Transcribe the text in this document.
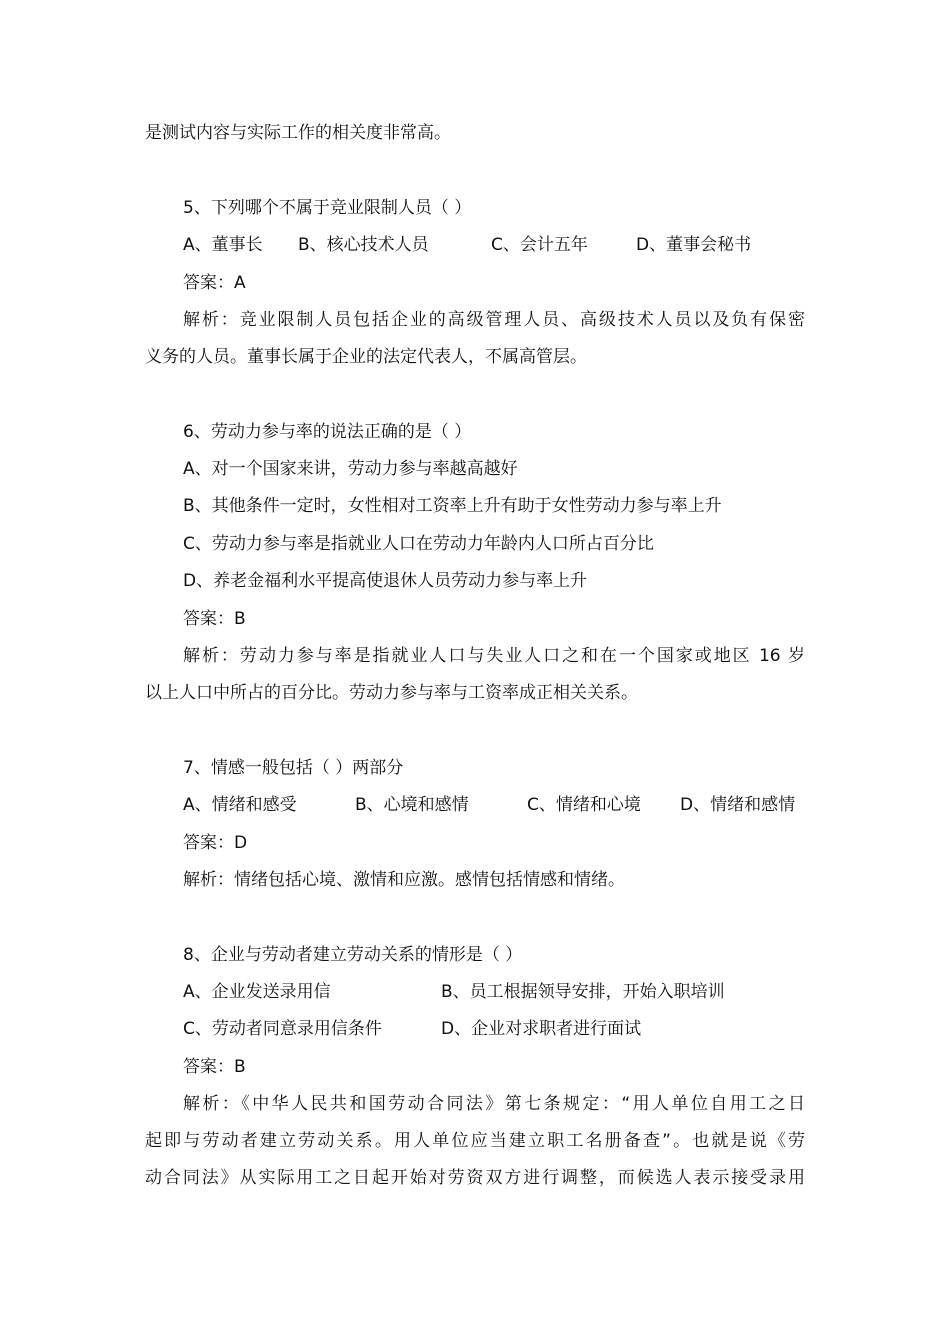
是测试内容与实际工作的相关度非常高。
5、下列哪个不属于竞业限制人员（ ）
A、董事长 B、核心技术人员	C、会计五年	D、董事会秘书
答案：A
解析：竞业限制人员包括企业的高级管理人员、高级技术人员以及负有保密
义务的人员。董事长属于企业的法定代表人，不属高管层。
6、劳动力参与率的说法正确的是（ ）
A、对一个国家来讲，劳动力参与率越高越好
B、其他条件一定时，女性相对工资率上升有助于女性劳动力参与率上升
C、劳动力参与率是指就业人口在劳动力年龄内人口所占百分比
D、养老金福利水平提高使退休人员劳动力参与率上升
答案：B
解析：劳动力参与率是指就业人口与失业人口之和在一个国家或地区 16 岁
以上人口中所占的百分比。劳动力参与率与工资率成正相关关系。
7、情感一般包括（ ）两部分
A、情绪和感受	B、心境和感情	C、情绪和心境 D、情绪和感情
答案：D
解析：情绪包括心境、激情和应激。感情包括情感和情绪。
8、企业与劳动者建立劳动关系的情形是（ ）
A、企业发送录用信	B、员工根据领导安排，开始入职培训
C、劳动者同意录用信条件	D、企业对求职者进行面试
答案：B
解析：《中华人民共和国劳动合同法》第七条规定：“用人单位自用工之日
起即与劳动者建立劳动关系。用人单位应当建立职工名册备查”。也就是说《劳
动合同法》从实际用工之日起开始对劳资双方进行调整，而候选人表示接受录用
